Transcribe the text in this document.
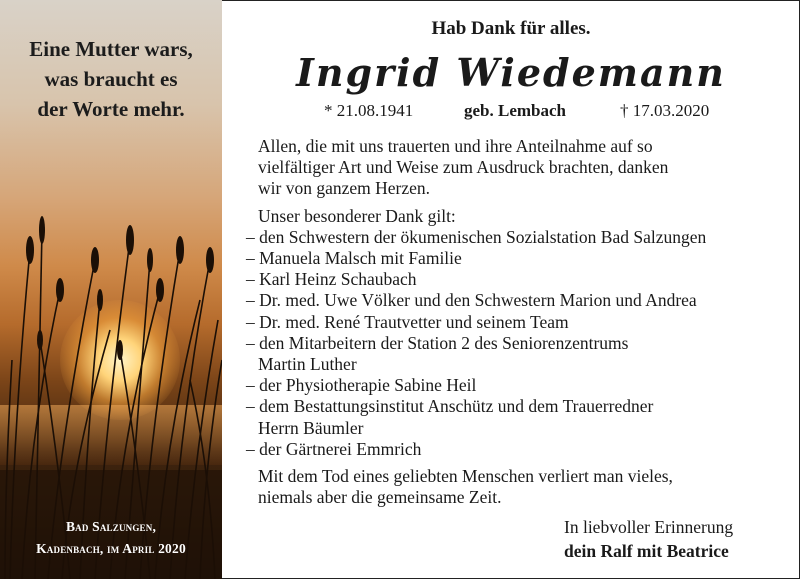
Eine Mutter wars,
was braucht es
der Worte mehr.
Bad Salzungen,
Kadenbach, im April 2020
Hab Dank für alles.
Ingrid Wiedemann
* 21.08.1941	geb. Lembach	† 17.03.2020

Allen, die mit uns trauerten und ihre Anteilnahme auf so

vielfältiger Art und Weise zum Ausdruck brachten, danken

wir von ganzem Herzen.

Unser besonderer Dank gilt:

– den Schwestern der ökumenischen Sozialstation Bad Salzungen
– Manuela Malsch mit Familie
– Karl Heinz Schaubach
– Dr. med. Uwe Völker und den Schwestern Marion und Andrea
– Dr. med. René Trautvetter und seinem Team
– den Mitarbeitern der Station 2 des Seniorenzentrums
Martin Luther
– der Physiotherapie Sabine Heil
– dem Bestattungsinstitut Anschütz und dem Trauerredner
Herrn Bäumler
– der Gärtnerei Emmrich

Mit dem Tod eines geliebten Menschen verliert man vieles,

niemals aber die gemeinsame Zeit.

In liebvoller Erinnerung
dein Ralf mit Beatrice
